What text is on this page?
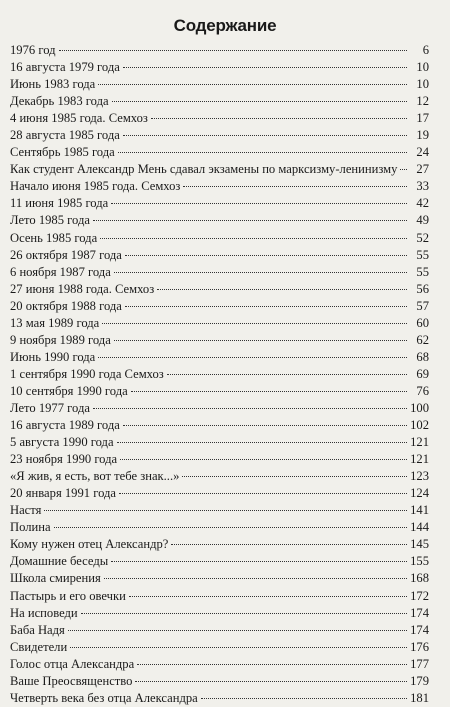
Содержание
1976 год	6
16 августа 1979 года	10
Июнь 1983 года	10
Декабрь 1983 года	12
4 июня 1985 года. Семхоз	17
28 августа 1985 года	19
Сентябрь 1985 года	24
Как студент Александр Мень сдавал экзамены по марксизму-ленинизму	27
Начало июня 1985 года. Семхоз	33
11 июня 1985 года	42
Лето 1985 года	49
Осень 1985 года	52
26 октября 1987 года	55
6 ноября 1987 года	55
27 июня 1988 года. Семхоз	56
20 октября 1988 года	57
13 мая 1989 года	60
9 ноября 1989 года	62
Июнь 1990 года	68
1 сентября 1990 года Семхоз	69
10 сентября 1990 года	76
Лето 1977 года	100
16 августа 1989 года	102
5 августа 1990 года	121
23 ноября 1990 года	121
«Я жив, я есть, вот тебе знак...»	123
20 января 1991 года	124
Настя	141
Полина	144
Кому нужен отец Александр?	145
Домашние беседы	155
Школа смирения	168
Пастырь и его овечки	172
На исповеди	174
Баба Надя	174
Свидетели	176
Голос отца Александра	177
Ваше Преосвященство	179
Четверть века без отца Александра	181
